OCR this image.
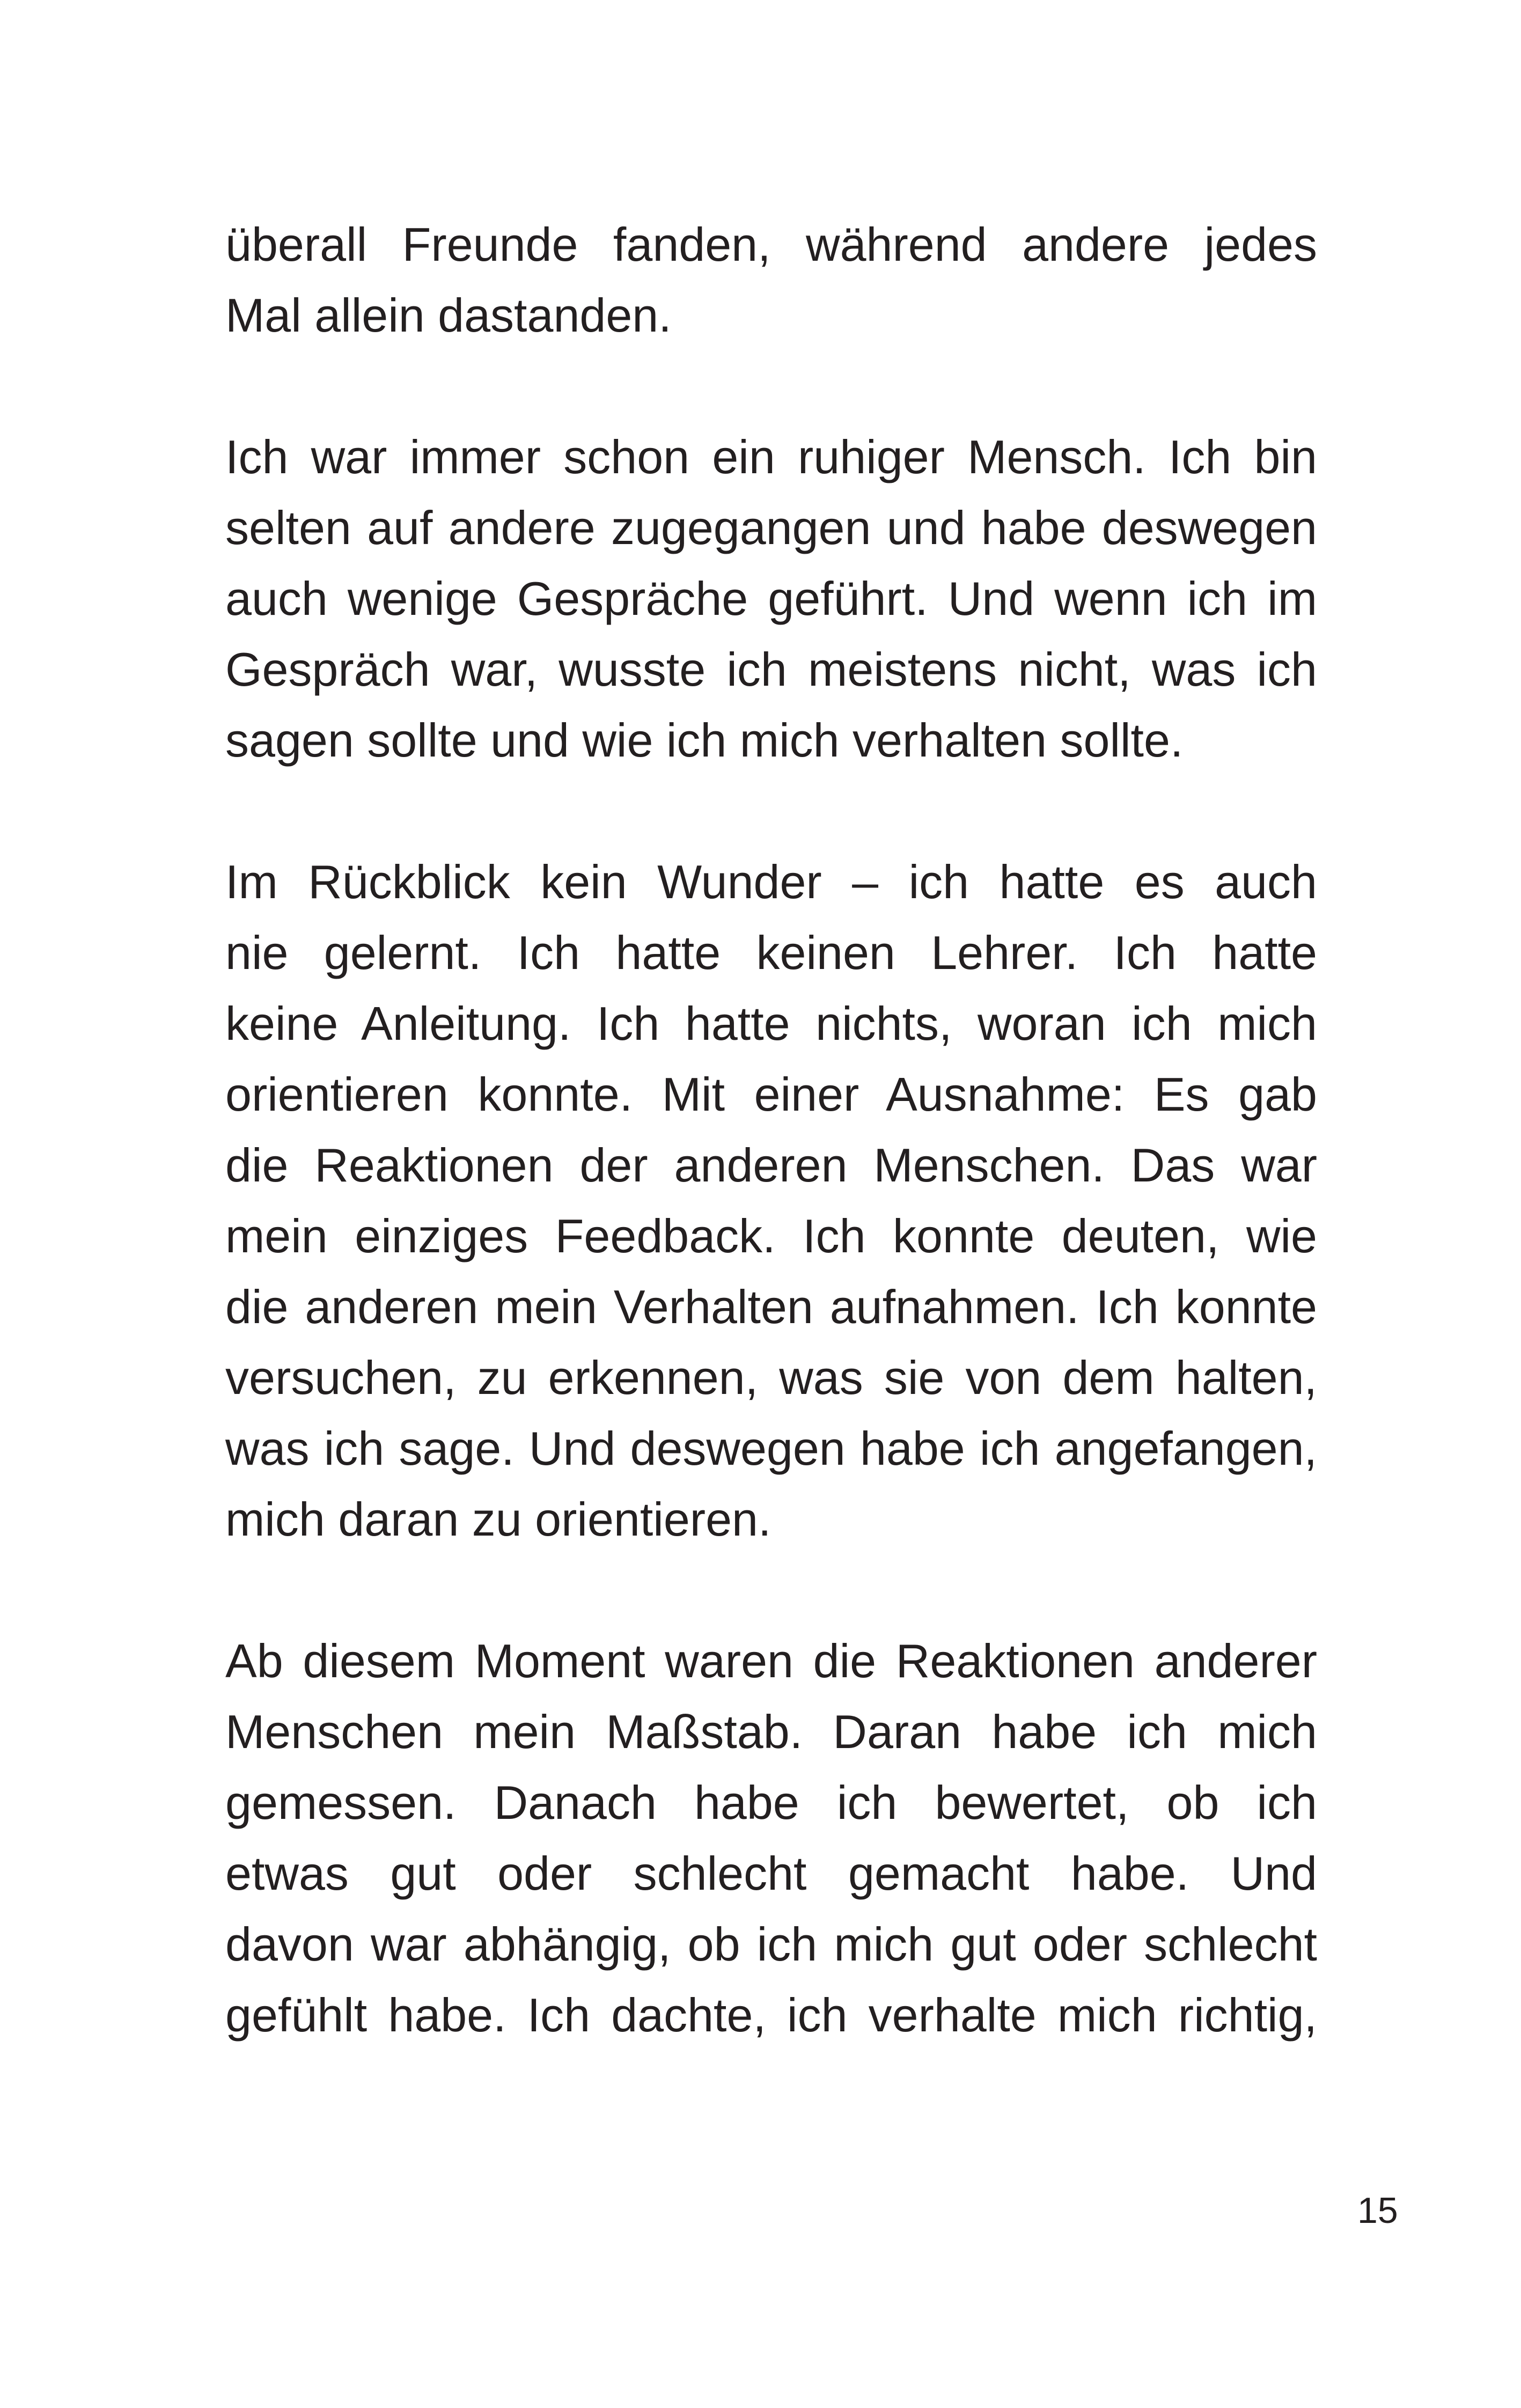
überall Freunde fanden, während andere jedes
Mal allein dastanden.

Ich war immer schon ein ruhiger Mensch. Ich bin
selten auf andere zugegangen und habe deswegen
auch wenige Gespräche geführt. Und wenn ich im
Gespräch war, wusste ich meistens nicht, was ich
sagen sollte und wie ich mich verhalten sollte.

Im Rückblick kein Wunder – ich hatte es auch
nie gelernt. Ich hatte keinen Lehrer. Ich hatte
keine Anleitung. Ich hatte nichts, woran ich mich
orientieren konnte. Mit einer Ausnahme: Es gab
die Reaktionen der anderen Menschen. Das war
mein einziges Feedback. Ich konnte deuten, wie
die anderen mein Verhalten aufnahmen. Ich konnte
versuchen, zu erkennen, was sie von dem halten,
was ich sage. Und deswegen habe ich angefangen,
mich daran zu orientieren.

Ab diesem Moment waren die Reaktionen anderer
Menschen mein Maßstab. Daran habe ich mich
gemessen. Danach habe ich bewertet, ob ich
etwas gut oder schlecht gemacht habe. Und
davon war abhängig, ob ich mich gut oder schlecht
gefühlt habe. Ich dachte, ich verhalte mich richtig,

15
